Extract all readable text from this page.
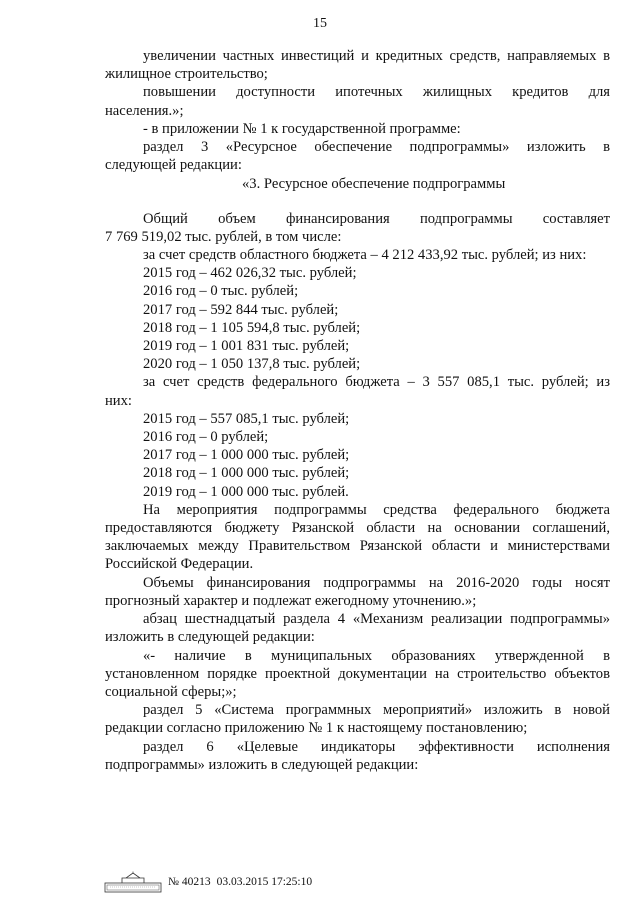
15

увеличении частных инвестиций и кредитных средств, направляемых в

жилищное строительство;

повышении доступности ипотечных жилищных кредитов для

населения.»;

- в приложении № 1 к государственной программе:

раздел 3 «Ресурсное обеспечение подпрограммы» изложить в

следующей редакции:

«3. Ресурсное обеспечение подпрограммы

Общий объем финансирования подпрограммы составляет

7 769 519,02 тыс. рублей, в том числе:

за счет средств областного бюджета – 4 212 433,92 тыс. рублей; из них:

2015 год – 462 026,32 тыс. рублей;

2016 год – 0 тыс. рублей;

2017 год – 592 844 тыс. рублей;

2018 год – 1 105 594,8 тыс. рублей;

2019 год – 1 001 831 тыс. рублей;

2020 год – 1 050 137,8 тыс. рублей;

за счет средств федерального бюджета – 3 557 085,1 тыс. рублей; из

них:

2015 год – 557 085,1 тыс. рублей;

2016 год – 0 рублей;

2017 год – 1 000 000 тыс. рублей;

2018 год – 1 000 000 тыс. рублей;

2019 год – 1 000 000 тыс. рублей.

На мероприятия подпрограммы средства федерального бюджета предоставляются бюджету Рязанской области на основании соглашений, заключаемых между Правительством Рязанской области и министерствами Российской Федерации.

Объемы финансирования подпрограммы на 2016-2020 годы носят прогнозный характер и подлежат ежегодному уточнению.»;

абзац шестнадцатый раздела 4 «Механизм реализации подпрограммы» изложить в следующей редакции:

«- наличие в муниципальных образованиях утвержденной в установленном порядке проектной документации на строительство объектов социальной сферы;»;

раздел 5 «Система программных мероприятий» изложить в новой редакции согласно приложению № 1 к настоящему постановлению;

раздел 6 «Целевые индикаторы эффективности исполнения подпрограммы» изложить в следующей редакции:

№ 40213 03.03.2015 17:25:10
